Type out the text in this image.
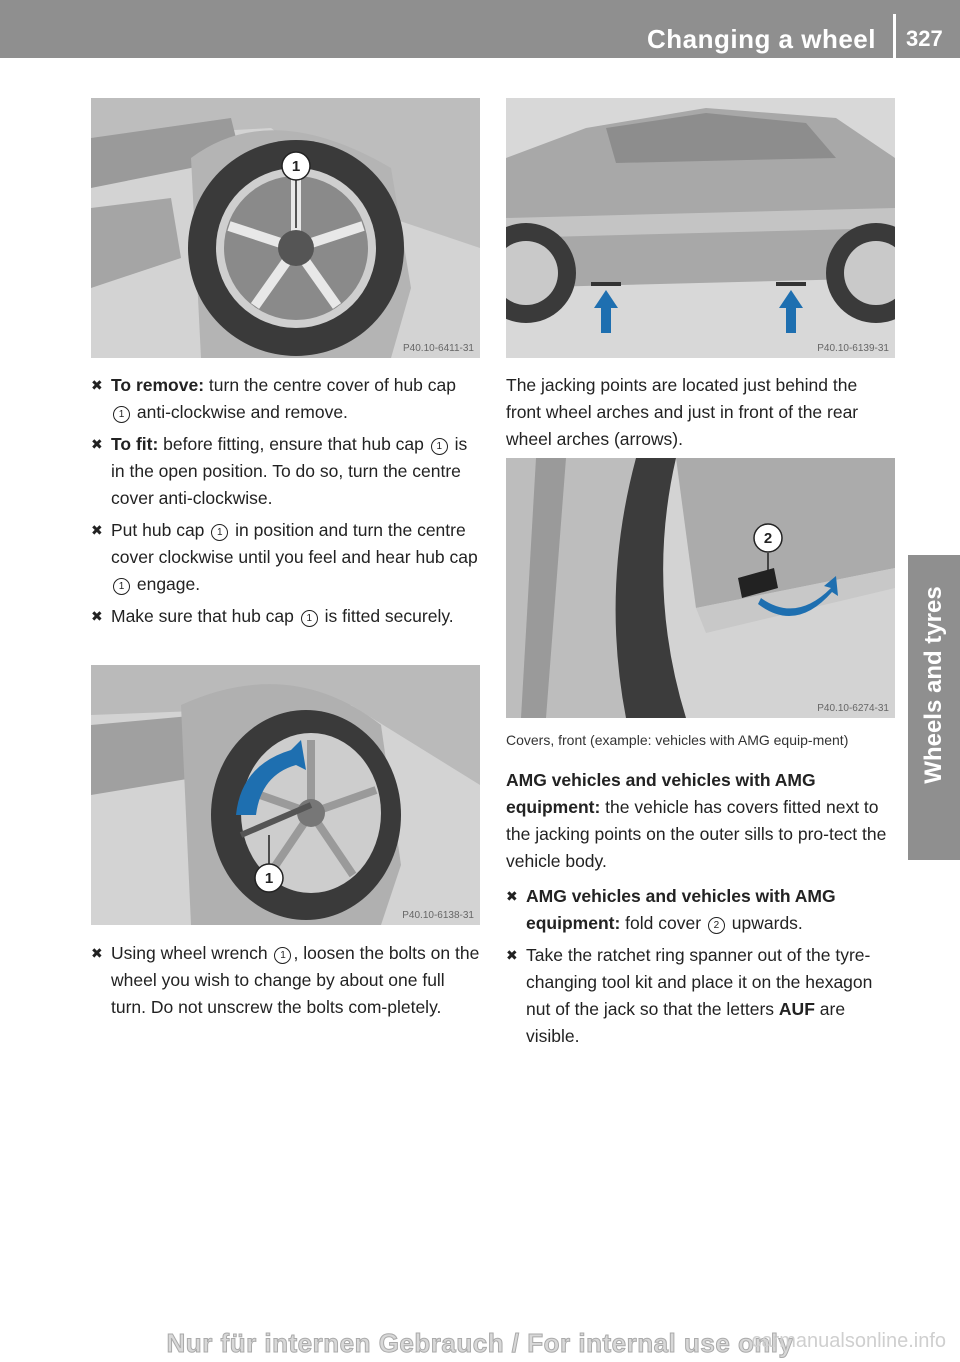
Changing a wheel 327
Wheels and tyres
1
P40.10-6411-31	P40.10-6139-31
✖ To remove: turn the centre cover of hub cap 1 anti-clockwise and remove.
✖ To fit: before fitting, ensure that hub cap 1 is in the open position. To do so, turn the centre cover anti-clockwise.
✖ Put hub cap 1 in position and turn the centre cover clockwise until you feel and hear hub cap 1 engage.
✖ Make sure that hub cap 1 is fitted securely.
1
P40.10-6138-31
✖ Using wheel wrench 1 , loosen the bolts on the wheel you wish to change by about one full turn. Do not unscrew the bolts com-pletely.

The jacking points are located just behind the front wheel arches and just in front of the rear wheel arches (arrows).

2
P40.10-6274-31
Covers, front (example: vehicles with AMG equip-ment)

AMG vehicles and vehicles with AMG equipment: the vehicle has covers fitted next to the jacking points on the outer sills to pro-tect the vehicle body.

✖ AMG vehicles and vehicles with AMG equipment: fold cover 2 upwards.
✖ Take the ratchet ring spanner out of the tyre-changing tool kit and place it on the hexagon nut of the jack so that the letters AUF are visible.
Nur für internen Gebrauch / For internal use only
carmanualsonline.info
